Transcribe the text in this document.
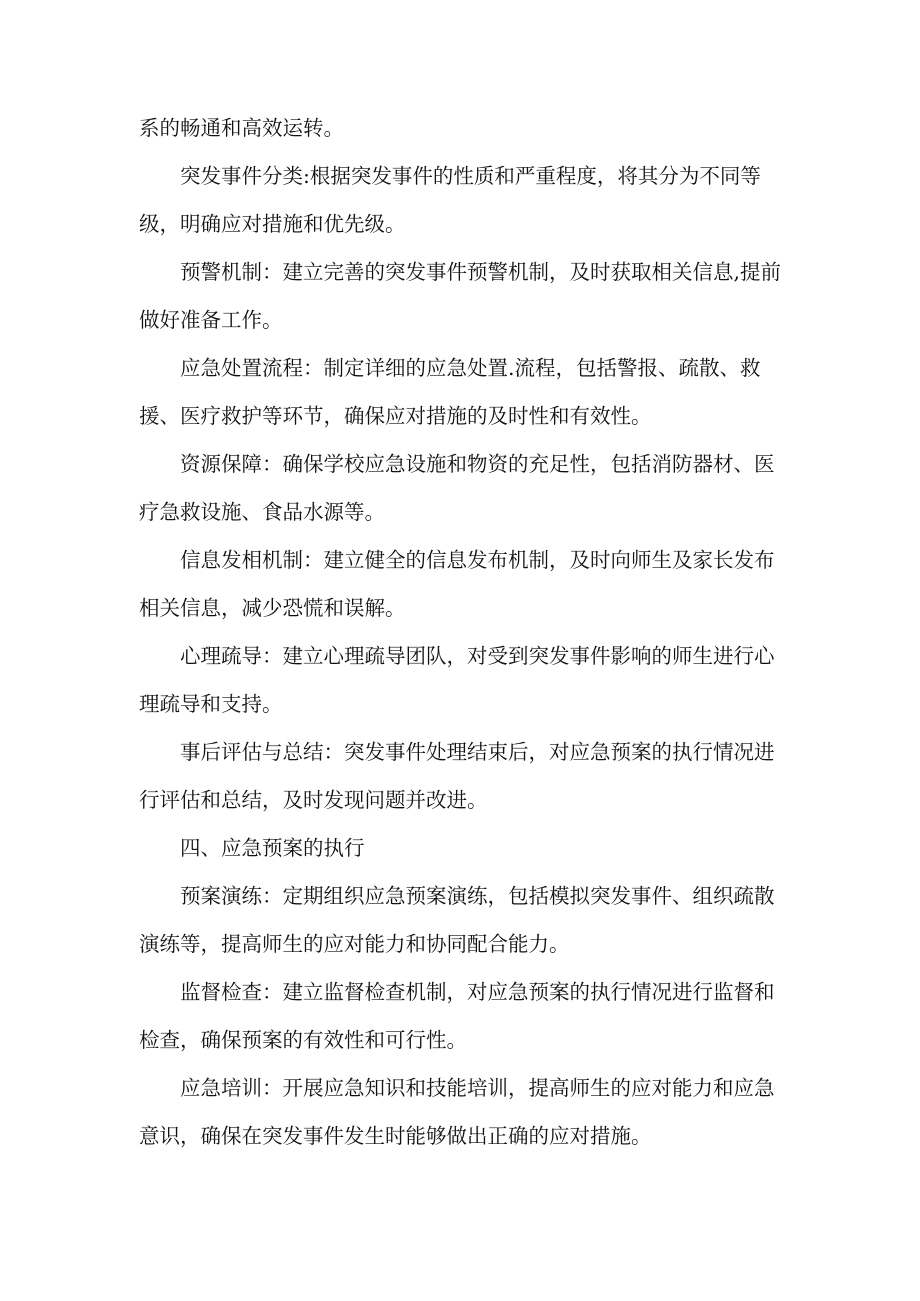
系的畅通和高效运转。

突发事件分类:根据突发事件的性质和严重程度，将其分为不同等级，明确应对措施和优先级。

预警机制：建立完善的突发事件预警机制，及时获取相关信息,提前做好准备工作。

应急处置流程：制定详细的应急处置.流程，包括警报、疏散、救援、医疗救护等环节，确保应对措施的及时性和有效性。

资源保障：确保学校应急设施和物资的充足性，包括消防器材、医疗急救设施、食品水源等。

信息发相机制：建立健全的信息发布机制，及时向师生及家长发布相关信息，减少恐慌和误解。

心理疏导：建立心理疏导团队，对受到突发事件影响的师生进行心理疏导和支持。

事后评估与总结：突发事件处理结束后，对应急预案的执行情况进行评估和总结，及时发现问题并改进。

四、应急预案的执行

预案演练：定期组织应急预案演练，包括模拟突发事件、组织疏散演练等，提高师生的应对能力和协同配合能力。

监督检查：建立监督检查机制，对应急预案的执行情况进行监督和检查，确保预案的有效性和可行性。

应急培训：开展应急知识和技能培训，提高师生的应对能力和应急意识，确保在突发事件发生时能够做出正确的应对措施。
